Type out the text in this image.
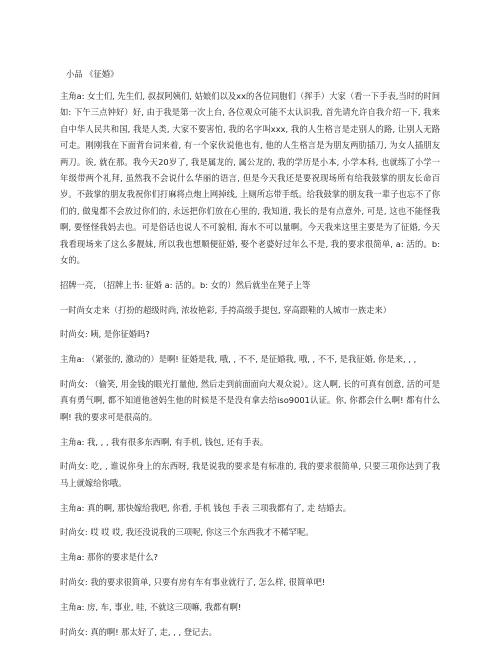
小品 《征婚》

主角a: 女士们, 先生们, 叔叔阿姨们, 姑娘们以及xx的各位同胞们（挥手）大家（看一下手表,当时的时间如: 下午三点钟好）好, 由于我是第一次上台, 各位观众可能不太认识我, 首先请允许自我介绍一下, 我来自中华人民共和国, 我是人类, 大家不要害怕, 我的名字叫xxx, 我的人生格言是走别人的路, 让别人无路可走。刚刚我在下面背台词来着, 有一个家伙说他也有, 他的人生格言是为朋友两肋插刀, 为女人插朋友两刀。诶, 就在那。我今天20岁了, 我是属龙的, 属公龙的, 我的学历是小本, 小学本科, 也就练了小学一年级带两个礼拜, 虽然我不会说什么华丽的语言, 但是今天我还是要祝现场所有给我鼓掌的朋友长命百岁。不鼓掌的朋友我祝你们打麻将点炮上网掉线, 上厕所忘带手纸。给我鼓掌的朋友我一辈子也忘不了你们的, 做鬼都不会放过你们的, 永远把你们放在心里的, 我知道, 我长的是有点意外, 可是, 这也不能怪我啊, 要怪怪我妈去也。可是俗话也说人不可貌相, 海水不可以量啊。今天我来这里主要是为了征婚, 今天我看现场来了这么多靓妹, 所以我也想顺便征婚, 娶个老婆好过年么不是, 我的要求很简单, a: 活的。b: 女的。

招牌一亮, （招牌上书: 征婚 a: 活的。b: 女的）然后就坐在凳子上等

一时尚女走来（打扮的超级时尚, 浓妆艳彩, 手挎高级手提包, 穿高跟鞋的人城市一族走来）

时尚女: 咦, 是你征婚吗?

主角a: （紧张的, 激动的）是啊! 征婚是我, 哦, , 不不, 是征婚我, 哦, , 不不, 是我征婚, 你是来, , ,

时尚女: （偷笑, 用金钱的眼光打量他, 然后走到前面面向大观众说）。这人啊, 长的可真有创意, 活的可是真有勇气啊, 都不知道他爸妈生他的时候是不是没有拿去给iso9001认证。你, 你都会什么啊! 都有什么啊! 我的要求可是很高的。

主角a: 我, , , 我有很多东西啊, 有手机, 钱包, 还有手表。

时尚女: 吃, , 谁说你身上的东西呀, 我是说我的要求是有标准的, 我的要求很简单, 只要三项你达到了我马上就嫁给你哦。

主角a: 真的啊, 那快嫁给我吧, 你看, 手机 钱包 手表 三项我都有了, 走 结婚去。

时尚女: 哎 哎 哎, 我还没说我的三项呢, 你这三个东西我才不稀罕呢。

主角a: 那你的要求是什么?

时尚女: 我的要求很简单, 只要有房有车有事业就行了, 怎么样, 很简单吧!

主角a: 房, 车, 事业, 哇, 不就这三项嘛, 我都有啊!

时尚女: 真的啊! 那太好了, 走, , , 登记去。
